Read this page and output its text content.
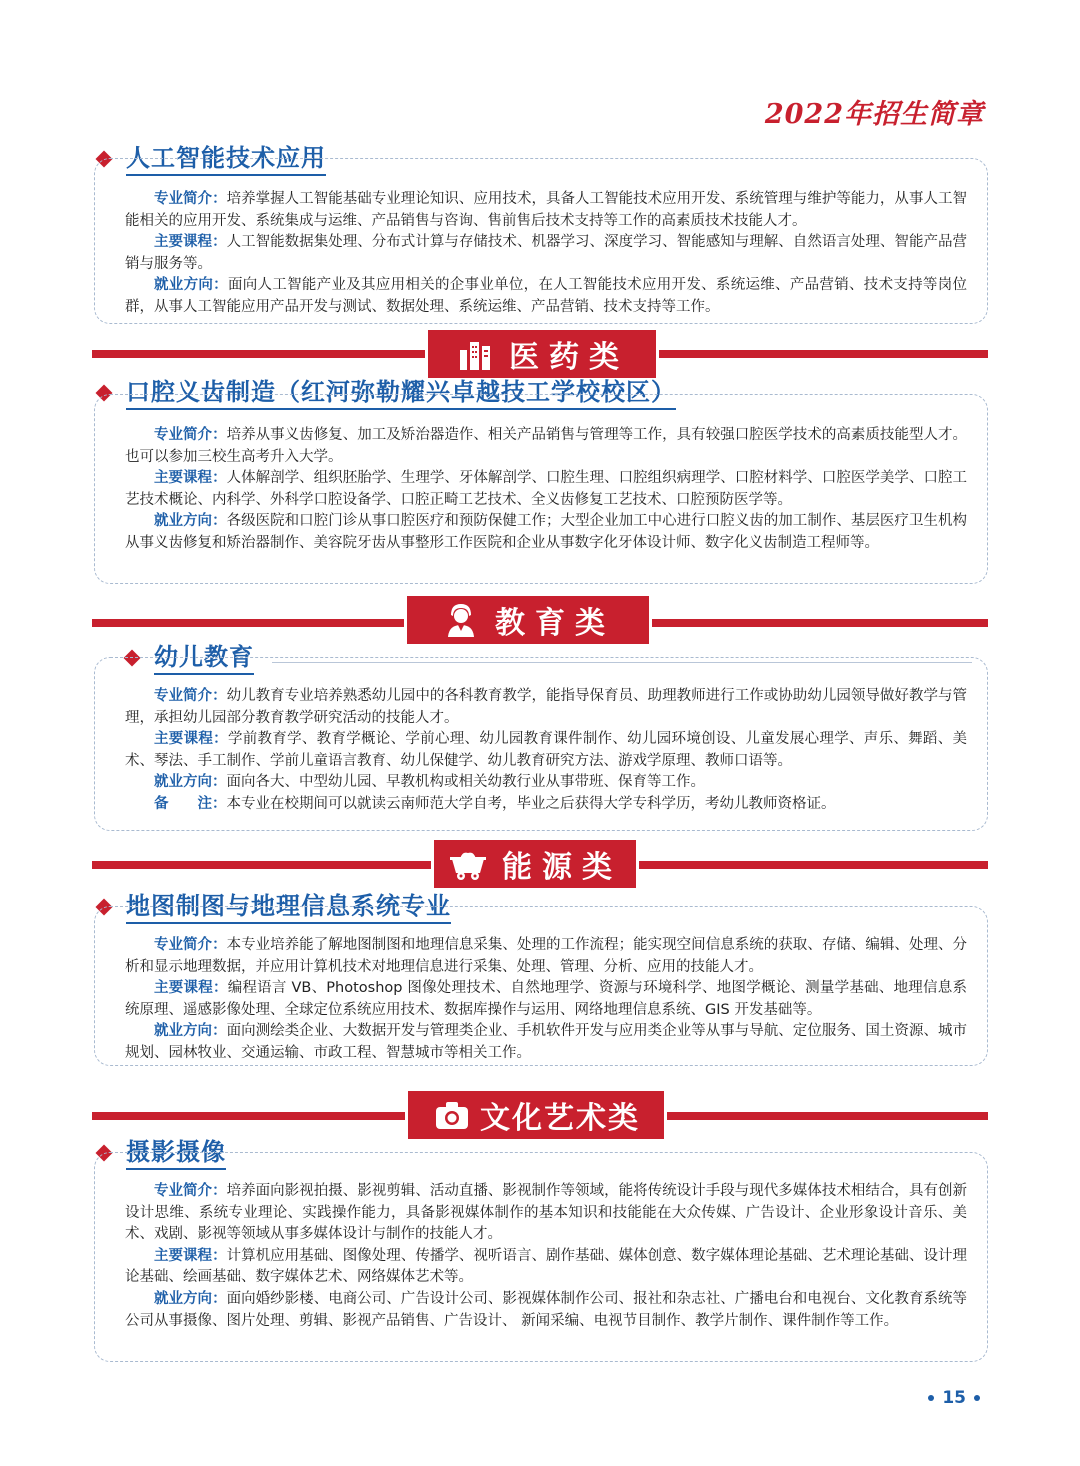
2022年招生简章
人工智能技术应用

专业简介：培养掌握人工智能基础专业理论知识、应用技术，具备人工智能技术应用开发、系统管理与维护等能力，从事人工智能相关的应用开发、系统集成与运维、产品销售与咨询、售前售后技术支持等工作的高素质技术技能人才。

主要课程：人工智能数据集处理、分布式计算与存储技术、机器学习、深度学习、智能感知与理解、自然语言处理、智能产品营销与服务等。

就业方向：面向人工智能产业及其应用相关的企事业单位，在人工智能技术应用开发、系统运维、产品营销、技术支持等岗位群，从事人工智能应用产品开发与测试、数据处理、系统运维、产品营销、技术支持等工作。

医药类
口腔义齿制造（红河弥勒耀兴卓越技工学校校区）

专业简介：培养从事义齿修复、加工及矫治器造作、相关产品销售与管理等工作，具有较强口腔医学技术的高素质技能型人才。也可以参加三校生高考升入大学。

主要课程：人体解剖学、组织胚胎学、生理学、牙体解剖学、口腔生理、口腔组织病理学、口腔材料学、口腔医学美学、口腔工艺技术概论、内科学、外科学口腔设备学、口腔正畸工艺技术、全义齿修复工艺技术、口腔预防医学等。

就业方向：各级医院和口腔门诊从事口腔医疗和预防保健工作；大型企业加工中心进行口腔义齿的加工制作、基层医疗卫生机构从事义齿修复和矫治器制作、美容院牙齿从事整形工作医院和企业从事数字化牙体设计师、数字化义齿制造工程师等。

教育类
幼儿教育

专业简介：幼儿教育专业培养熟悉幼儿园中的各科教育教学，能指导保育员、助理教师进行工作或协助幼儿园领导做好教学与管理，承担幼儿园部分教育教学研究活动的技能人才。

主要课程：学前教育学、教育学概论、学前心理、幼儿园教育课件制作、幼儿园环境创设、儿童发展心理学、声乐、舞蹈、美术、琴法、手工制作、学前儿童语言教育、幼儿保健学、幼儿教育研究方法、游戏学原理、教师口语等。

就业方向：面向各大、中型幼儿园、早教机构或相关幼教行业从事带班、保育等工作。

备　　注：本专业在校期间可以就读云南师范大学自考，毕业之后获得大学专科学历，考幼儿教师资格证。

能源类
地图制图与地理信息系统专业

专业简介：本专业培养能了解地图制图和地理信息采集、处理的工作流程；能实现空间信息系统的获取、存储、编辑、处理、分析和显示地理数据，并应用计算机技术对地理信息进行采集、处理、管理、分析、应用的技能人才。

主要课程：编程语言 VB、Photoshop 图像处理技术、自然地理学、资源与环境科学、地图学概论、测量学基础、地理信息系统原理、遥感影像处理、全球定位系统应用技术、数据库操作与运用、网络地理信息系统、GIS 开发基础等。

就业方向：面向测绘类企业、大数据开发与管理类企业、手机软件开发与应用类企业等从事与导航、定位服务、国土资源、城市规划、园林牧业、交通运输、市政工程、智慧城市等相关工作。

文化艺术类
摄影摄像

专业简介：培养面向影视拍摄、影视剪辑、活动直播、影视制作等领域，能将传统设计手段与现代多媒体技术相结合，具有创新设计思维、系统专业理论、实践操作能力，具备影视媒体制作的基本知识和技能能在大众传媒、广告设计、企业形象设计音乐、美术、戏剧、影视等领域从事多媒体设计与制作的技能人才。

主要课程：计算机应用基础、图像处理、传播学、视听语言、剧作基础、媒体创意、数字媒体理论基础、艺术理论基础、设计理论基础、绘画基础、数字媒体艺术、网络媒体艺术等。

就业方向：面向婚纱影楼、电商公司、广告设计公司、影视媒体制作公司、报社和杂志社、广播电台和电视台、文化教育系统等公司从事摄像、图片处理、剪辑、影视产品销售、广告设计、 新闻采编、电视节目制作、教学片制作、课件制作等工作。

15
